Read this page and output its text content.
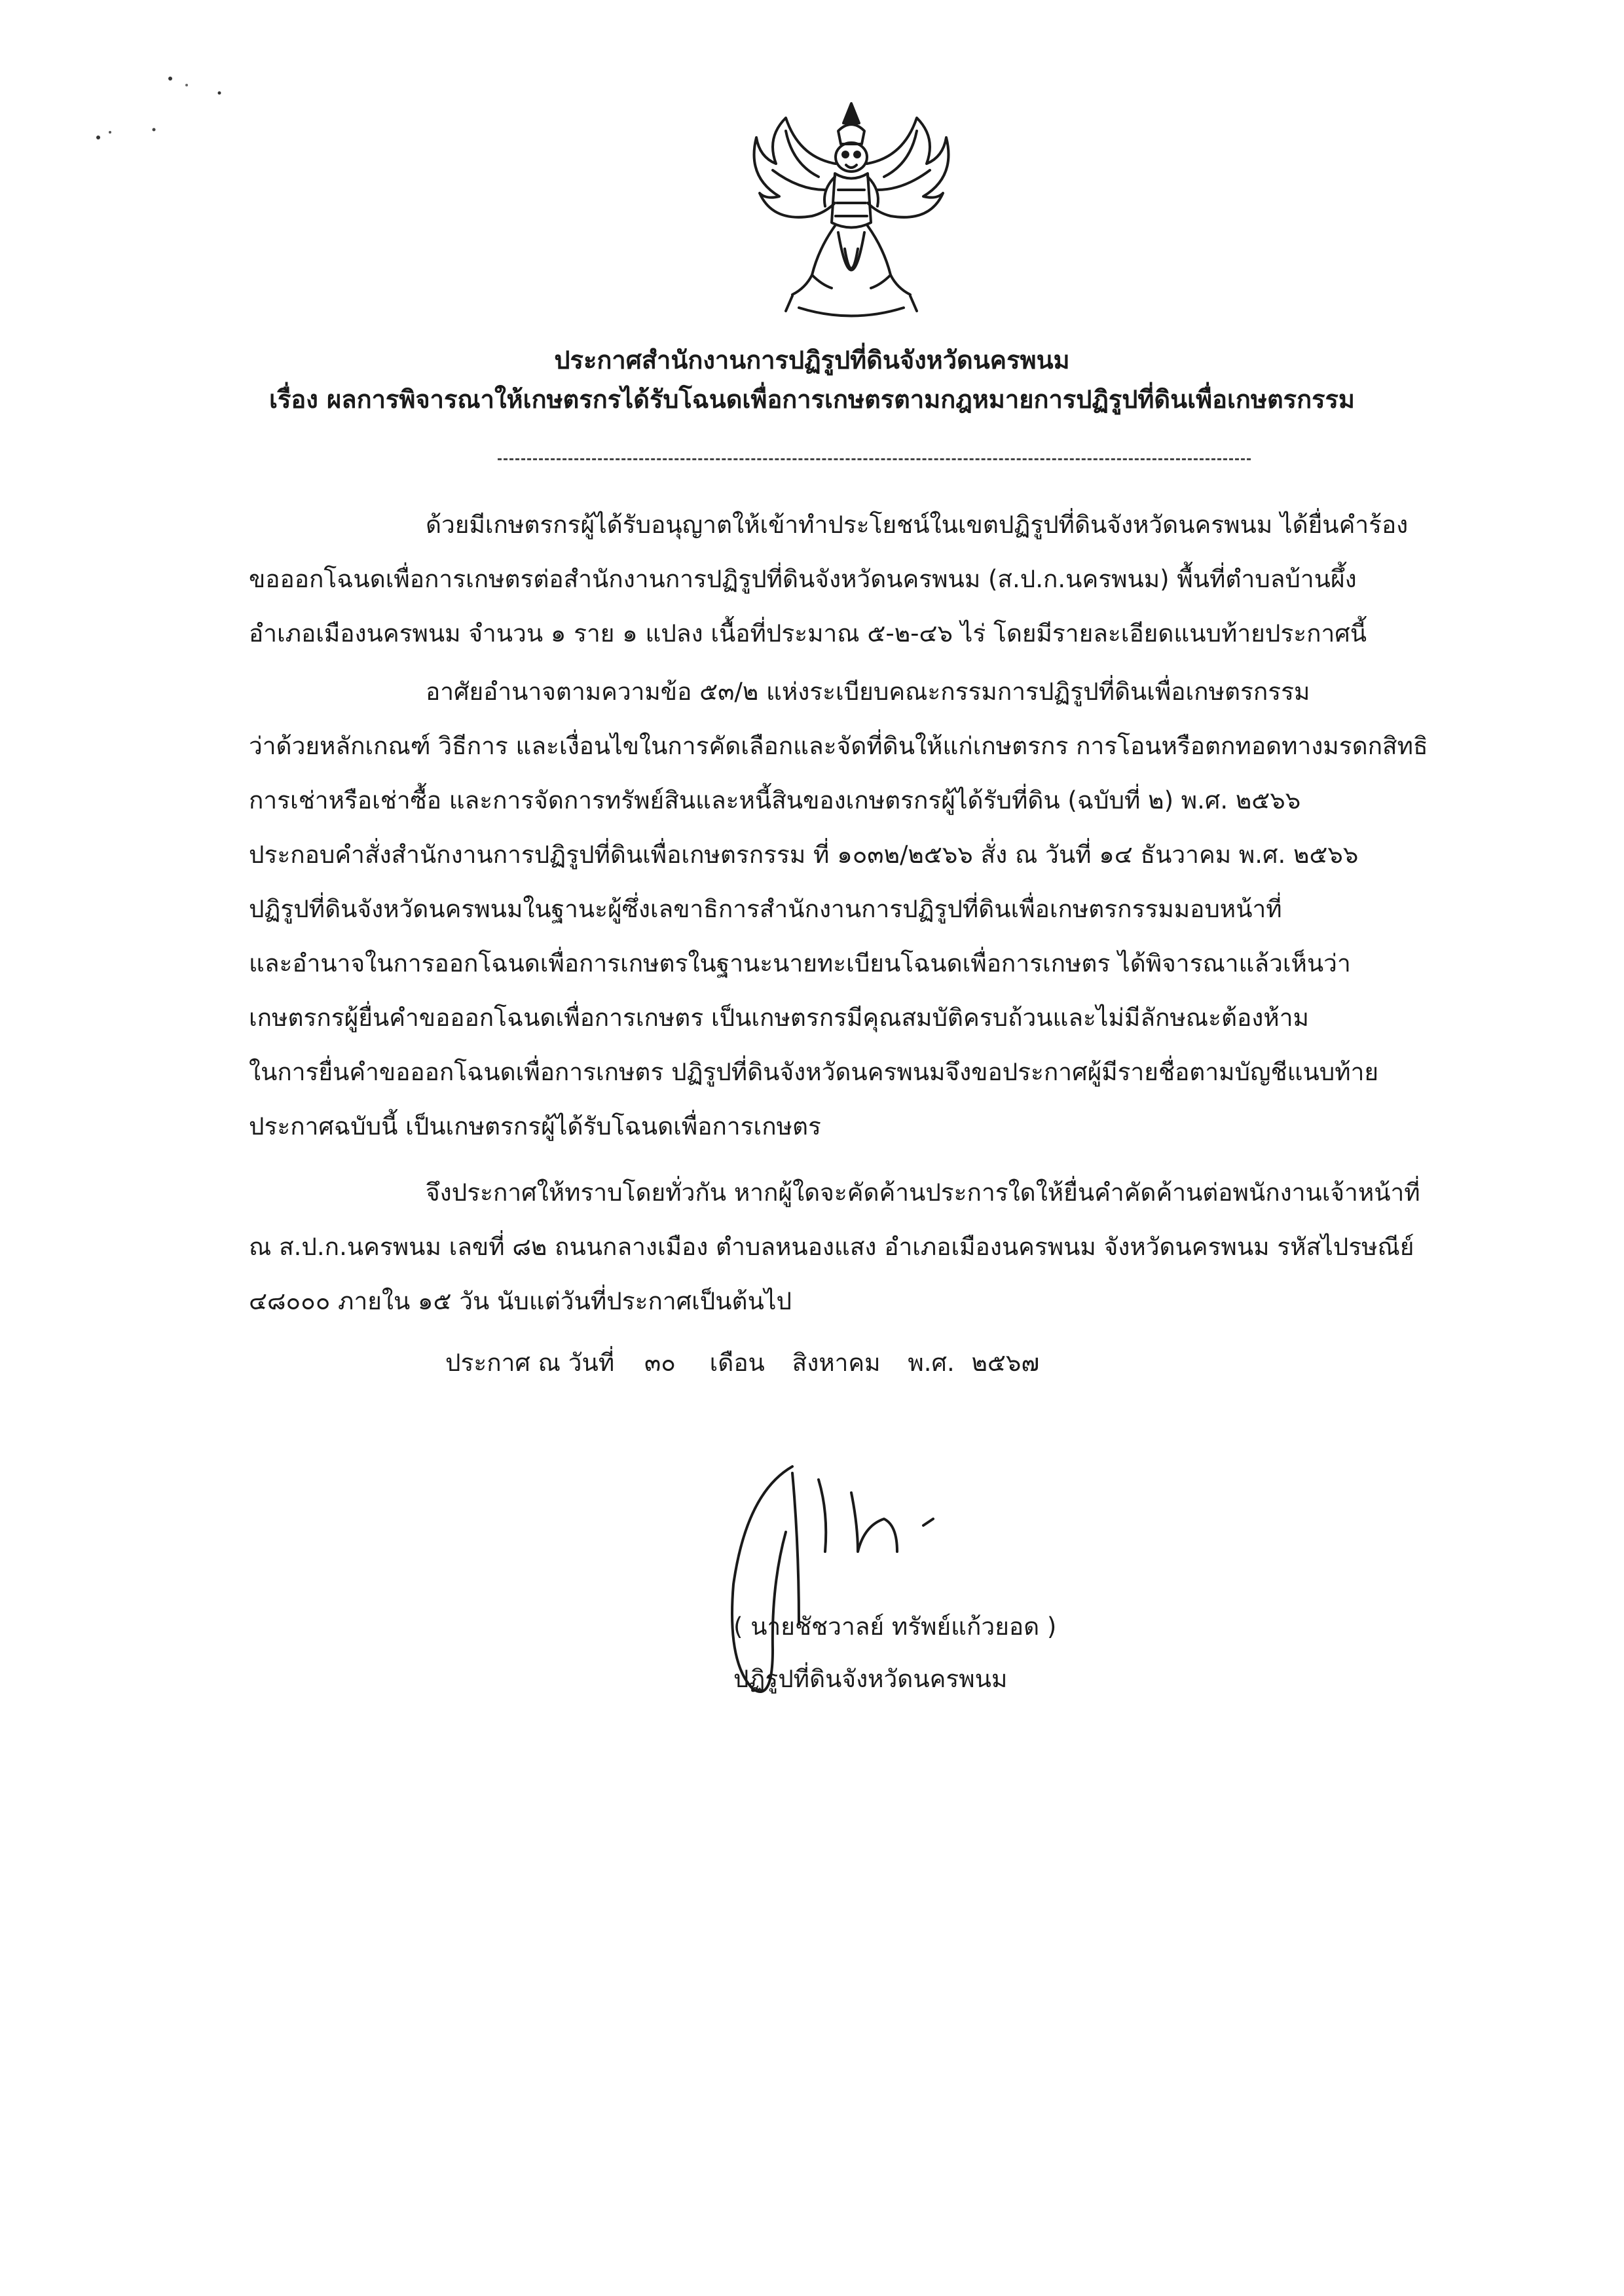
ประกาศสำนักงานการปฏิรูปที่ดินจังหวัดนครพนม
เรื่อง ผลการพิจารณาให้เกษตรกรได้รับโฉนดเพื่อการเกษตรตามกฎหมายการปฏิรูปที่ดินเพื่อเกษตรกรรม
ด้วยมีเกษตรกรผู้ได้รับอนุญาตให้เข้าทำประโยชน์ในเขตปฏิรูปที่ดินจังหวัดนครพนม ได้ยื่นคำร้อง
ขอออกโฉนดเพื่อการเกษตรต่อสำนักงานการปฏิรูปที่ดินจังหวัดนครพนม (ส.ป.ก.นครพนม) พื้นที่ตำบลบ้านผึ้ง
อำเภอเมืองนครพนม จำนวน ๑ ราย ๑ แปลง เนื้อที่ประมาณ ๕-๒-๔๖ ไร่ โดยมีรายละเอียดแนบท้ายประกาศนี้
อาศัยอำนาจตามความข้อ ๕๓/๒ แห่งระเบียบคณะกรรมการปฏิรูปที่ดินเพื่อเกษตรกรรม
ว่าด้วยหลักเกณฑ์ วิธีการ และเงื่อนไขในการคัดเลือกและจัดที่ดินให้แก่เกษตรกร การโอนหรือตกทอดทางมรดกสิทธิ
การเช่าหรือเช่าซื้อ และการจัดการทรัพย์สินและหนี้สินของเกษตรกรผู้ได้รับที่ดิน (ฉบับที่ ๒) พ.ศ. ๒๕๖๖
ประกอบคำสั่งสำนักงานการปฏิรูปที่ดินเพื่อเกษตรกรรม ที่ ๑๐๓๒/๒๕๖๖ สั่ง ณ วันที่ ๑๔ ธันวาคม พ.ศ. ๒๕๖๖
ปฏิรูปที่ดินจังหวัดนครพนมในฐานะผู้ซึ่งเลขาธิการสำนักงานการปฏิรูปที่ดินเพื่อเกษตรกรรมมอบหน้าที่
และอำนาจในการออกโฉนดเพื่อการเกษตรในฐานะนายทะเบียนโฉนดเพื่อการเกษตร ได้พิจารณาแล้วเห็นว่า
เกษตรกรผู้ยื่นคำขอออกโฉนดเพื่อการเกษตร เป็นเกษตรกรมีคุณสมบัติครบถ้วนและไม่มีลักษณะต้องห้าม
ในการยื่นคำขอออกโฉนดเพื่อการเกษตร ปฏิรูปที่ดินจังหวัดนครพนมจึงขอประกาศผู้มีรายชื่อตามบัญชีแนบท้าย
ประกาศฉบับนี้ เป็นเกษตรกรผู้ได้รับโฉนดเพื่อการเกษตร
จึงประกาศให้ทราบโดยทั่วกัน หากผู้ใดจะคัดค้านประการใดให้ยื่นคำคัดค้านต่อพนักงานเจ้าหน้าที่
ณ ส.ป.ก.นครพนม เลขที่ ๘๒ ถนนกลางเมือง ตำบลหนองแสง อำเภอเมืองนครพนม จังหวัดนครพนม รหัสไปรษณีย์
๔๘๐๐๐ ภายใน ๑๕ วัน นับแต่วันที่ประกาศเป็นต้นไป
ประกาศ ณ วันที่ ๓๐ เดือน สิงหาคม พ.ศ. ๒๕๖๗
( นายชัชวาลย์ ทรัพย์แก้วยอด )
ปฏิรูปที่ดินจังหวัดนครพนม
